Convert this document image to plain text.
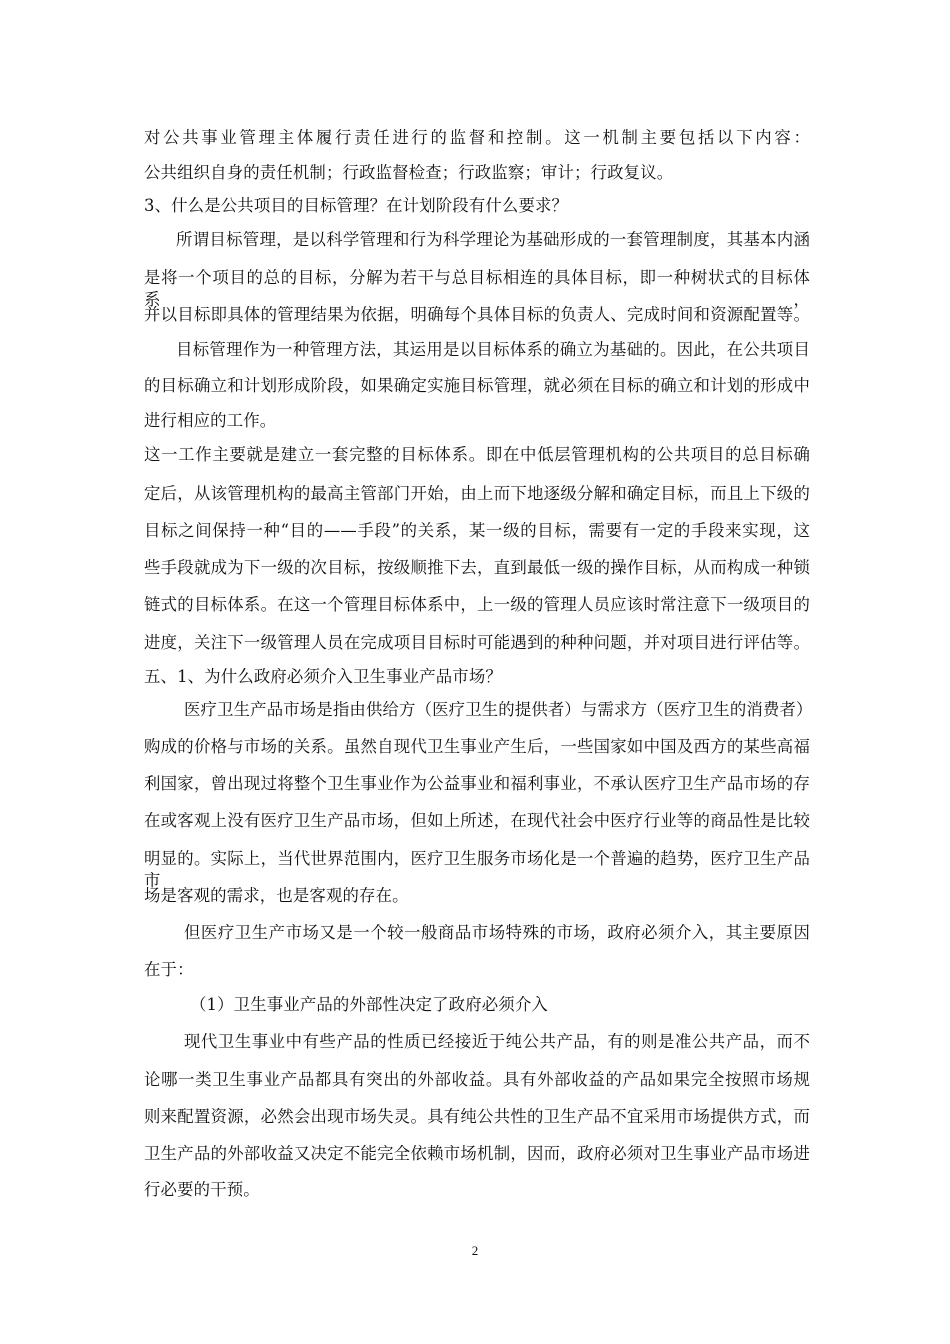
对公共事业管理主体履行责任进行的监督和控制。这一机制主要包括以下内容：
公共组织自身的责任机制；行政监督检查；行政监察；审计；行政复议。
3、什么是公共项目的目标管理？在计划阶段有什么要求？
所谓目标管理，是以科学管理和行为科学理论为基础形成的一套管理制度，其基本内涵
是将一个项目的总的目标，分解为若干与总目标相连的具体目标，即一种树状式的目标体系，
并以目标即具体的管理结果为依据，明确每个具体目标的负责人、完成时间和资源配置等。
目标管理作为一种管理方法，其运用是以目标体系的确立为基础的。因此，在公共项目
的目标确立和计划形成阶段，如果确定实施目标管理，就必须在目标的确立和计划的形成中
进行相应的工作。
这一工作主要就是建立一套完整的目标体系。即在中低层管理机构的公共项目的总目标确
定后，从该管理机构的最高主管部门开始，由上而下地逐级分解和确定目标，而且上下级的
目标之间保持一种“目的——手段”的关系，某一级的目标，需要有一定的手段来实现，这
些手段就成为下一级的次目标，按级顺推下去，直到最低一级的操作目标，从而构成一种锁
链式的目标体系。在这一个管理目标体系中，上一级的管理人员应该时常注意下一级项目的
进度，关注下一级管理人员在完成项目目标时可能遇到的种种问题，并对项目进行评估等。
五、1、为什么政府必须介入卫生事业产品市场？
医疗卫生产品市场是指由供给方（医疗卫生的提供者）与需求方（医疗卫生的消费者）
购成的价格与市场的关系。虽然自现代卫生事业产生后，一些国家如中国及西方的某些高福
利国家，曾出现过将整个卫生事业作为公益事业和福利事业，不承认医疗卫生产品市场的存
在或客观上没有医疗卫生产品市场，但如上所述，在现代社会中医疗行业等的商品性是比较
明显的。实际上，当代世界范围内，医疗卫生服务市场化是一个普遍的趋势，医疗卫生产品市
场是客观的需求，也是客观的存在。
但医疗卫生产市场又是一个较一般商品市场特殊的市场，政府必须介入，其主要原因
在于：
（1）卫生事业产品的外部性决定了政府必须介入
现代卫生事业中有些产品的性质已经接近于纯公共产品，有的则是准公共产品，而不
论哪一类卫生事业产品都具有突出的外部收益。具有外部收益的产品如果完全按照市场规
则来配置资源，必然会出现市场失灵。具有纯公共性的卫生产品不宜采用市场提供方式，而
卫生产品的外部收益又决定不能完全依赖市场机制，因而，政府必须对卫生事业产品市场进
行必要的干预。
2
